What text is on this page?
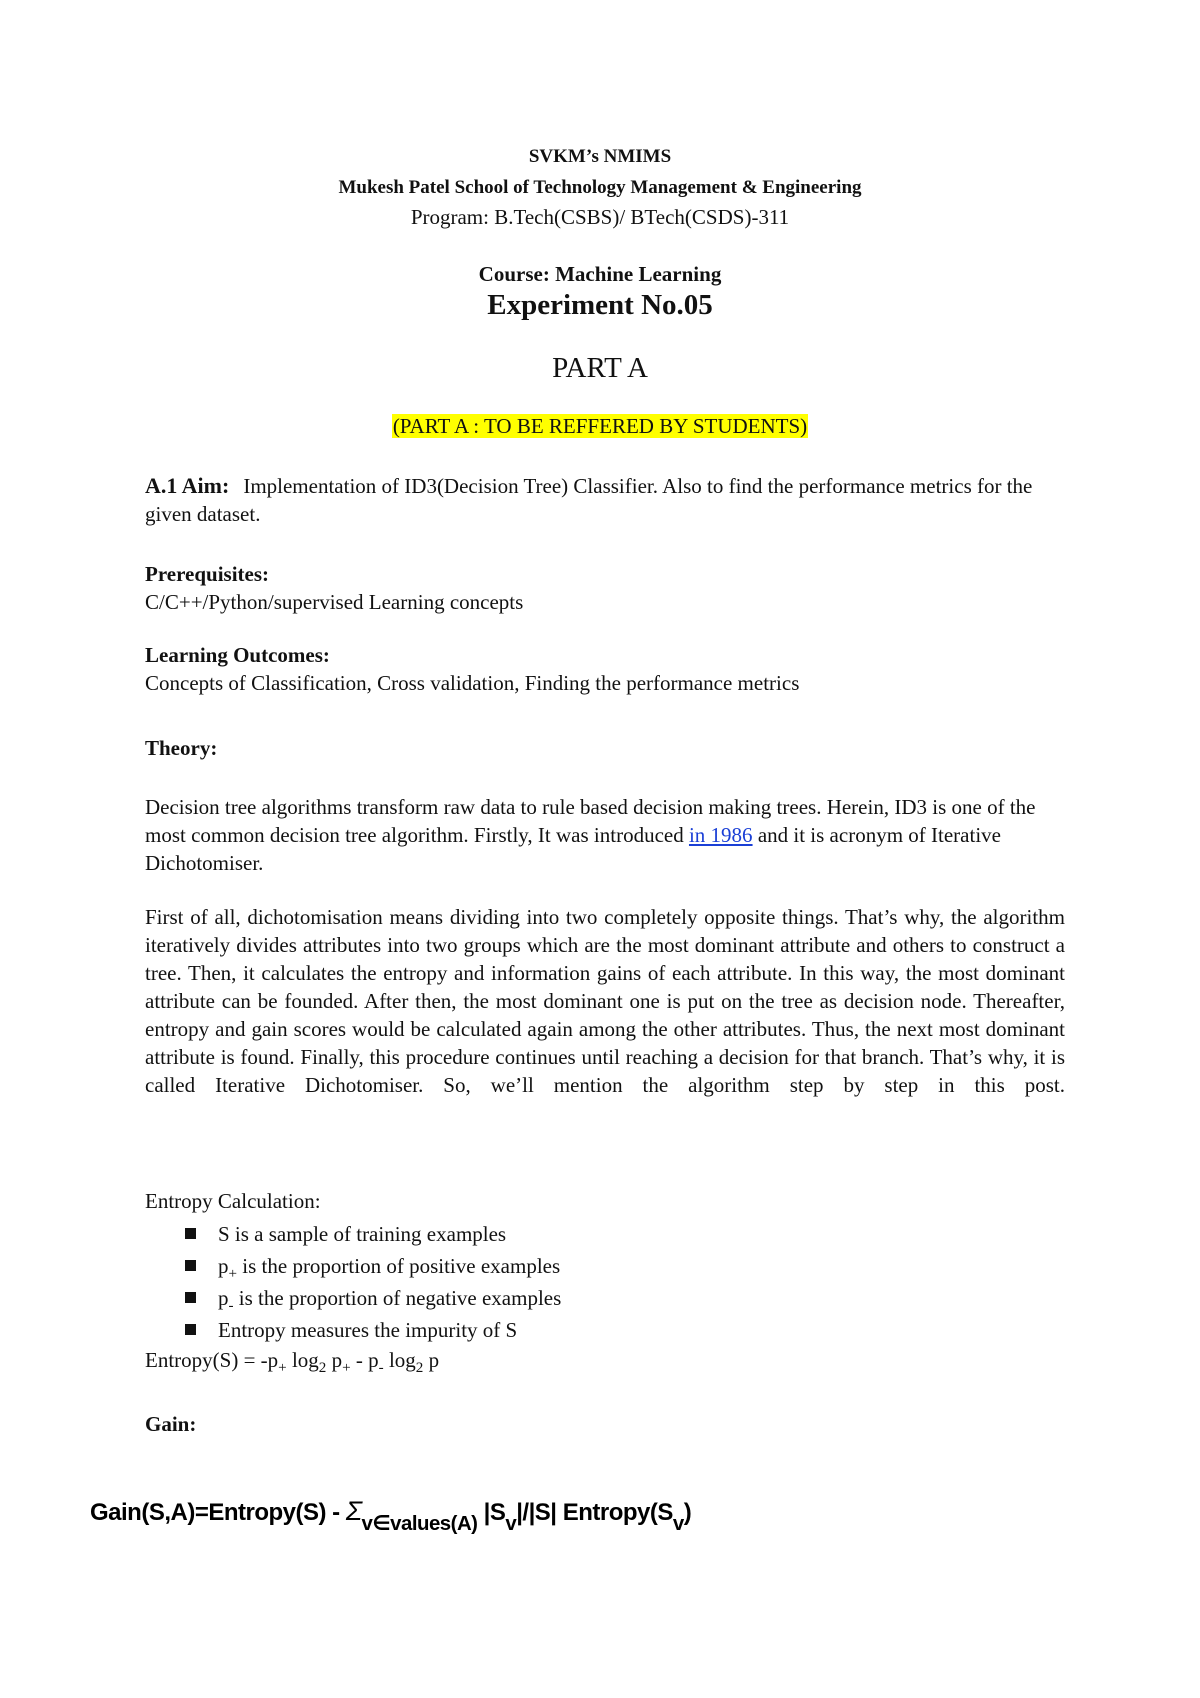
SVKM’s NMIMS
Mukesh Patel School of Technology Management & Engineering
Program: B.Tech(CSBS)/ BTech(CSDS)-311
Course: Machine Learning
Experiment No.05
PART A
(PART A : TO BE REFFERED BY STUDENTS)
A.1 Aim: Implementation of ID3(Decision Tree) Classifier. Also to find the performance metrics for the given dataset.
Prerequisites:
C/C++/Python/supervised Learning concepts
Learning Outcomes:
Concepts of Classification, Cross validation, Finding the performance metrics
Theory:
Decision tree algorithms transform raw data to rule based decision making trees. Herein, ID3 is one of the most common decision tree algorithm. Firstly, It was introduced in 1986 and it is acronym of Iterative Dichotomiser.
First of all, dichotomisation means dividing into two completely opposite things. That’s why, the algorithm iteratively divides attributes into two groups which are the most dominant attribute and others to construct a tree. Then, it calculates the entropy and information gains of each attribute. In this way, the most dominant attribute can be founded. After then, the most dominant one is put on the tree as decision node. Thereafter, entropy and gain scores would be calculated again among the other attributes. Thus, the next most dominant attribute is found. Finally, this procedure continues until reaching a decision for that branch. That’s why, it is called Iterative Dichotomiser. So, we’ll mention the algorithm step by step in this post.
Entropy Calculation:
S is a sample of training examples
$p_+$ is the proportion of positive examples
$p_-$ is the proportion of negative examples
Entropy measures the impurity of S
Entropy(S) = $-p_+$ $\log_2 p_+ - p_-$ $\log_2 p$
Gain:
Gain(S,A)=Entropy(S) - $\Sigma_{v\in values(A)}$ $|S_v|/|S|$ $Entropy(S_v)$
